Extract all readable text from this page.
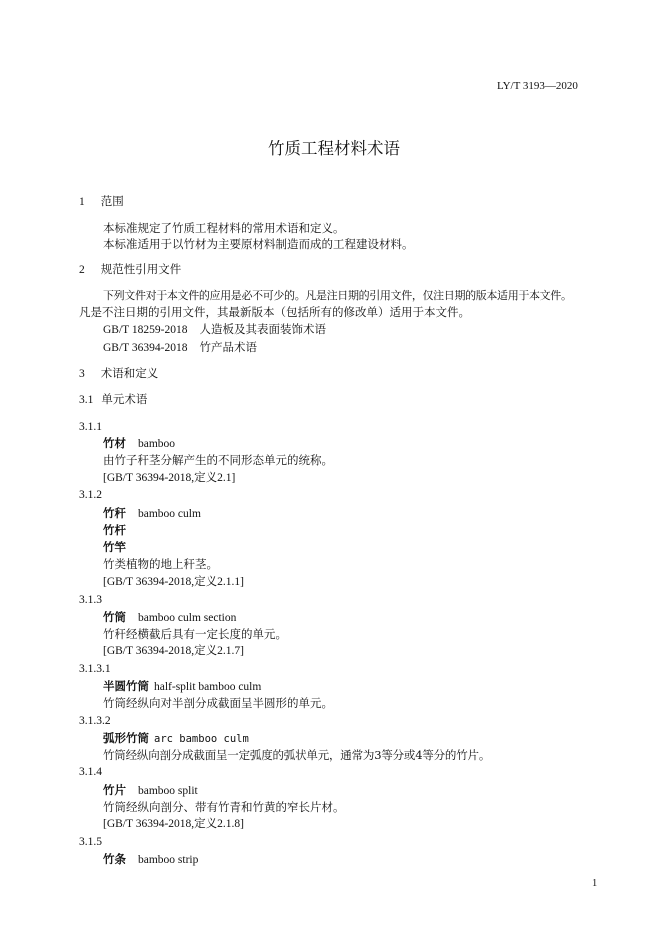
LY/T 3193—2020
竹质工程材料术语
1 范围
本标准规定了竹质工程材料的常用术语和定义。
本标准适用于以竹材为主要原材料制造而成的工程建设材料。
2 规范性引用文件
下列文件对于本文件的应用是必不可少的。凡是注日期的引用文件，仅注日期的版本适用于本文件。
凡是不注日期的引用文件，其最新版本（包括所有的修改单）适用于本文件。
GB/T 18259-2018 人造板及其表面装饰术语
GB/T 36394-2018 竹产品术语
3 术语和定义
3.1 单元术语
3.1.1
竹材 bamboo
由竹子秆茎分解产生的不同形态单元的统称。
[GB/T 36394-2018,定义2.1]
3.1.2
竹秆 bamboo culm
竹杆
竹竿
竹类植物的地上秆茎。
[GB/T 36394-2018,定义2.1.1]
3.1.3
竹筒 bamboo culm section
竹秆经横截后具有一定长度的单元。
[GB/T 36394-2018,定义2.1.7]
3.1.3.1
半圆竹筒 half-split bamboo culm
竹筒经纵向对半剖分成截面呈半圆形的单元。
3.1.3.2
弧形竹筒 arc bamboo culm
竹筒经纵向剖分成截面呈一定弧度的弧状单元，通常为3等分或4等分的竹片。
3.1.4
竹片 bamboo split
竹筒经纵向剖分、带有竹青和竹黄的窄长片材。
[GB/T 36394-2018,定义2.1.8]
3.1.5
竹条 bamboo strip
1
